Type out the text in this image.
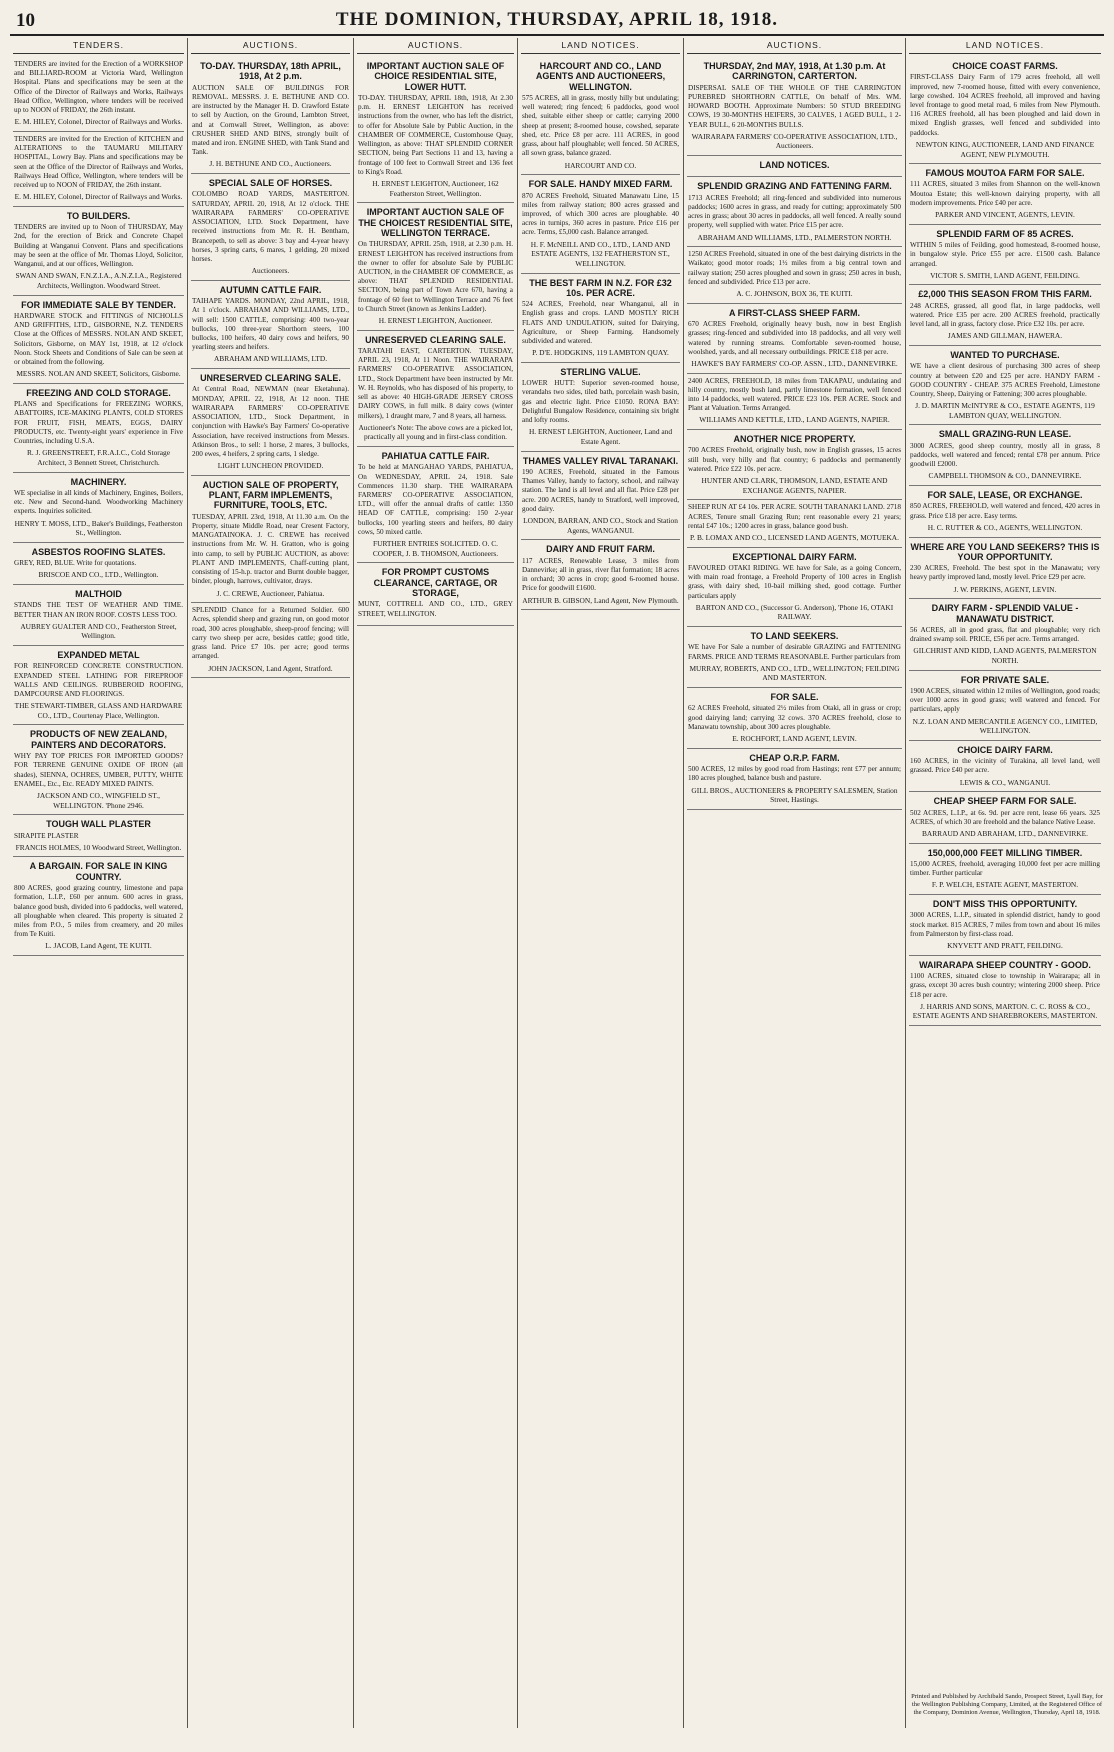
10	THE DOMINION, THURSDAY, APRIL 18, 1918.
TENDERS.

TENDERS are invited for the Erection of a WORKSHOP and BILLIARD-ROOM at Victoria Ward, Wellington Hospital. Plans and specifications may be seen at the Office of the Director of Railways and Works, Railways Head Office, Wellington, where tenders will be received up to NOON of FRIDAY, the 26th instant.

E. M. HILEY, Colonel, Director of Railways and Works.

TENDERS are invited for the Erection of KITCHEN and ALTERATIONS to the TAUMARU MILITARY HOSPITAL, Lowry Bay. Plans and specifications may be seen at the Office of the Director of Railways and Works, Railways Head Office, Wellington, where tenders will be received up to NOON of FRIDAY, the 26th instant.

E. M. HILEY, Colonel, Director of Railways and Works.
TO BUILDERS.

TENDERS are invited up to Noon of THURSDAY, May 2nd, for the erection of Brick and Concrete Chapel Building at Wanganui Convent. Plans and specifications may be seen at the office of Mr. Thomas Lloyd, Solicitor, Wanganui, and at our offices, Wellington.

SWAN AND SWAN, F.N.Z.I.A., A.N.Z.I.A., Registered Architects, Wellington. Woodward Street.
FOR IMMEDIATE SALE BY TENDER.

HARDWARE STOCK and FITTINGS of NICHOLLS AND GRIFFITHS, LTD., GISBORNE, N.Z. TENDERS Close at the Offices of MESSRS. NOLAN AND SKEET, Solicitors, Gisborne, on MAY 1st, 1918, at 12 o'clock Noon. Stock Sheets and Conditions of Sale can be seen at or obtained from the following.

MESSRS. NOLAN AND SKEET, Solicitors, Gisborne.
FREEZING AND COLD STORAGE.

PLANS and Specifications for FREEZING WORKS, ABATTOIRS, ICE-MAKING PLANTS, COLD STORES FOR FRUIT, FISH, MEATS, EGGS, DAIRY PRODUCTS, etc. Twenty-eight years' experience in Five Countries, including U.S.A.

R. J. GREENSTREET, F.R.A.I.C., Cold Storage Architect, 3 Bennett Street, Christchurch.
MACHINERY.

WE specialise in all kinds of Machinery, Engines, Boilers, etc. New and Second-hand. Woodworking Machinery experts. Inquiries solicited.

HENRY T. MOSS, LTD., Baker's Buildings, Featherston St., Wellington.
ASBESTOS ROOFING SLATES.

GREY, RED, BLUE. Write for quotations.

BRISCOE AND CO., LTD., Wellington.
MALTHOID

STANDS THE TEST OF WEATHER AND TIME. BETTER THAN AN IRON ROOF. COSTS LESS TOO.

AUBREY GUALTER AND CO., Featherston Street, Wellington.
EXPANDED METAL

FOR REINFORCED CONCRETE CONSTRUCTION. EXPANDED STEEL LATHING FOR FIREPROOF WALLS AND CEILINGS. RUBBEROID ROOFING, DAMPCOURSE AND FLOORINGS.

THE STEWART-TIMBER, GLASS AND HARDWARE CO., LTD., Courtenay Place, Wellington.
PRODUCTS OF NEW ZEALAND, PAINTERS AND DECORATORS.

WHY PAY TOP PRICES FOR IMPORTED GOODS? FOR TERRENE GENUINE OXIDE OF IRON (all shades), SIENNA, OCHRES, UMBER, PUTTY, WHITE ENAMEL, Etc., Etc. READY MIXED PAINTS.

JACKSON AND CO., WINGFIELD ST., WELLINGTON. 'Phone 2946.
TOUGH WALL PLASTER

SIRAPITE PLASTER

FRANCIS HOLMES, 10 Woodward Street, Wellington.
A BARGAIN. FOR SALE IN KING COUNTRY.

800 ACRES, good grazing country, limestone and papa formation, L.I.P., £60 per annum. 600 acres in grass, balance good bush, divided into 6 paddocks, well watered, all ploughable when cleared. This property is situated 2 miles from P.O., 5 miles from creamery, and 20 miles from Te Kuiti.

L. JACOB, Land Agent, TE KUITI.
AUCTIONS.
TO-DAY. THURSDAY, 18th APRIL, 1918, At 2 p.m.

AUCTION SALE OF BUILDINGS FOR REMOVAL. MESSRS. J. E. BETHUNE AND CO. are instructed by the Manager H. D. Crawford Estate to sell by Auction, on the Ground, Lambton Street, and at Cornwall Street, Wellington, as above: CRUSHER SHED AND BINS, strongly built of mated and iron. ENGINE SHED, with Tank Stand and Tank.

J. H. BETHUNE AND CO., Auctioneers.
SPECIAL SALE OF HORSES.

COLOMBO ROAD YARDS, MASTERTON. SATURDAY, APRIL 20, 1918, At 12 o'clock. THE WAIRARAPA FARMERS' CO-OPERATIVE ASSOCIATION, LTD. Stock Department, have received instructions from Mr. R. H. Bentham, Brancepeth, to sell as above: 3 bay and 4-year heavy horses, 3 spring carts, 6 mares, 1 gelding, 20 mixed horses.

Auctioneers.
AUTUMN CATTLE FAIR.

TAIHAPE YARDS. MONDAY, 22nd APRIL, 1918, At 1 o'clock. ABRAHAM AND WILLIAMS, LTD., will sell: 1500 CATTLE, comprising: 400 two-year bullocks, 100 three-year Shorthorn steers, 100 bullocks, 100 heifers, 40 dairy cows and heifers, 90 yearling steers and heifers.

ABRAHAM AND WILLIAMS, LTD.
UNRESERVED CLEARING SALE.

At Central Road, NEWMAN (near Eketahuna). MONDAY, APRIL 22, 1918, At 12 noon. THE WAIRARAPA FARMERS' CO-OPERATIVE ASSOCIATION, LTD., Stock Department, in conjunction with Hawke's Bay Farmers' Co-operative Association, have received instructions from Messrs. Atkinson Bros., to sell: 1 horse, 2 mares, 3 bullocks, 200 ewes, 4 heifers, 2 spring carts, 1 sledge.

LIGHT LUNCHEON PROVIDED.
AUCTION SALE OF PROPERTY, PLANT, FARM IMPLEMENTS, FURNITURE, TOOLS, ETC.

TUESDAY, APRIL 23rd, 1918, At 11.30 a.m. On the Property, situate Middle Road, near Cresent Factory, MANGATAINOKA. J. C. CREWE has received instructions from Mr. W. H. Gratton, who is going into camp, to sell by PUBLIC AUCTION, as above: PLANT AND IMPLEMENTS, Chaff-cutting plant, consisting of 15-h.p. tractor and Burnt double bagger, binder, plough, harrows, cultivator, drays.

J. C. CREWE, Auctioneer, Pahiatua.

SPLENDID Chance for a Returned Soldier. 600 Acres, splendid sheep and grazing run, on good motor road, 300 acres ploughable, sheep-proof fencing; will carry two sheep per acre, besides cattle; good title, grass land. Price £7 10s. per acre; good terms arranged.

JOHN JACKSON, Land Agent, Stratford.
AUCTIONS.
IMPORTANT AUCTION SALE OF CHOICE RESIDENTIAL SITE, LOWER HUTT.

TO-DAY. THURSDAY, APRIL 18th, 1918, At 2.30 p.m. H. ERNEST LEIGHTON has received instructions from the owner, who has left the district, to offer for Absolute Sale by Public Auction, in the CHAMBER OF COMMERCE, Customhouse Quay, Wellington, as above: THAT SPLENDID CORNER SECTION, being Part Sections 11 and 13, having a frontage of 100 feet to Cornwall Street and 136 feet to King's Road.

H. ERNEST LEIGHTON, Auctioneer, 162 Featherston Street, Wellington.
IMPORTANT AUCTION SALE OF THE CHOICEST RESIDENTIAL SITE, WELLINGTON TERRACE.

On THURSDAY, APRIL 25th, 1918, at 2.30 p.m. H. ERNEST LEIGHTON has received instructions from the owner to offer for absolute Sale by PUBLIC AUCTION, in the CHAMBER OF COMMERCE, as above: THAT SPLENDID RESIDENTIAL SECTION, being part of Town Acre 670, having a frontage of 60 feet to Wellington Terrace and 76 feet to Church Street (known as Jenkins Ladder).

H. ERNEST LEIGHTON, Auctioneer.
UNRESERVED CLEARING SALE.

TARATAHI EAST, CARTERTON. TUESDAY, APRIL 23, 1918, At 11 Noon. THE WAIRARAPA FARMERS' CO-OPERATIVE ASSOCIATION, LTD., Stock Department have been instructed by Mr. W. H. Reynolds, who has disposed of his property, to sell as above: 40 HIGH-GRADE JERSEY CROSS DAIRY COWS, in full milk. 8 dairy cows (winter milkers), 1 draught mare, 7 and 8 years, all harness.

Auctioneer's Note: The above cows are a picked lot, practically all young and in first-class condition.
PAHIATUA CATTLE FAIR.

To be held at MANGAHAO YARDS, PAHIATUA, On WEDNESDAY, APRIL 24, 1918. Sale Commences 11.30 sharp. THE WAIRARAPA FARMERS' CO-OPERATIVE ASSOCIATION, LTD., will offer the annual drafts of cattle: 1350 HEAD OF CATTLE, comprising: 150 2-year bullocks, 100 yearling steers and heifers, 80 dairy cows, 50 mixed cattle.

FURTHER ENTRIES SOLICITED. O. C. COOPER, J. B. THOMSON, Auctioneers.
FOR PROMPT CUSTOMS CLEARANCE, CARTAGE, OR STORAGE,

MUNT, COTTRELL AND CO., LTD., GREY STREET, WELLINGTON.

LAND NOTICES.
HARCOURT AND CO., LAND AGENTS AND AUCTIONEERS, WELLINGTON.

575 ACRES, all in grass, mostly hilly but undulating; well watered; ring fenced; 6 paddocks, good wool shed, suitable either sheep or cattle; carrying 2000 sheep at present; 8-roomed house, cowshed, separate shed, etc. Price £8 per acre. 111 ACRES, in good grass, about half ploughable; well fenced. 50 ACRES, all sown grass, balance grazed.

HARCOURT AND CO.
FOR SALE. HANDY MIXED FARM.

870 ACRES Freehold, Situated Manawatu Line, 15 miles from railway station; 800 acres grassed and improved, of which 300 acres are ploughable. 40 acres in turnips, 360 acres in pasture. Price £16 per acre. Terms, £5,000 cash. Balance arranged.

H. F. McNEILL AND CO., LTD., LAND AND ESTATE AGENTS, 132 FEATHERSTON ST., WELLINGTON.
THE BEST FARM IN N.Z. FOR £32 10s. PER ACRE.

524 ACRES, Freehold, near Whanganui, all in English grass and crops. LAND MOSTLY RICH FLATS AND UNDULATION, suited for Dairying, Agriculture, or Sheep Farming. Handsomely subdivided and watered.

P. D'E. HODGKINS, 119 LAMBTON QUAY.
STERLING VALUE.

LOWER HUTT: Superior seven-roomed house, verandahs two sides, tiled bath, porcelain wash basin, gas and electric light. Price £1050. RONA BAY: Delightful Bungalow Residence, containing six bright and lofty rooms.

H. ERNEST LEIGHTON, Auctioneer, Land and Estate Agent.
THAMES VALLEY RIVAL TARANAKI.

190 ACRES, Freehold, situated in the Famous Thames Valley, handy to factory, school, and railway station. The land is all level and all flat. Price £28 per acre. 200 ACRES, handy to Stratford, well improved, good dairy.

LONDON, BARRAN, AND CO., Stock and Station Agents, WANGANUI.
DAIRY AND FRUIT FARM.

117 ACRES, Renewable Lease, 3 miles from Dannevirke; all in grass, river flat formation; 18 acres in orchard; 30 acres in crop; good 6-roomed house. Price for goodwill £1600.

ARTHUR B. GIBSON, Land Agent, New Plymouth.
AUCTIONS.
THURSDAY, 2nd MAY, 1918, At 1.30 p.m. At CARRINGTON, CARTERTON.

DISPERSAL SALE OF THE WHOLE OF THE CARRINGTON PUREBRED SHORTHORN CATTLE, On behalf of Mrs. WM. HOWARD BOOTH. Approximate Numbers: 50 STUD BREEDING COWS, 19 30-MONTHS HEIFERS, 30 CALVES, 1 AGED BULL, 1 2-YEAR BULL, 6 20-MONTHS BULLS.

WAIRARAPA FARMERS' CO-OPERATIVE ASSOCIATION, LTD., Auctioneers.
LAND NOTICES.
SPLENDID GRAZING AND FATTENING FARM.

1713 ACRES Freehold; all ring-fenced and subdivided into numerous paddocks; 1600 acres in grass, and ready for cutting; approximately 500 acres in grass; about 30 acres in paddocks, all well fenced. A really sound property, well supplied with water. Price £15 per acre.

ABRAHAM AND WILLIAMS, LTD., PALMERSTON NORTH.

1250 ACRES Freehold, situated in one of the best dairying districts in the Waikato; good motor roads; 1½ miles from a big central town and railway station; 250 acres ploughed and sown in grass; 250 acres in bush, fenced and subdivided. Price £13 per acre.

A. C. JOHNSON, BOX 36, TE KUITI.
A FIRST-CLASS SHEEP FARM.

670 ACRES Freehold, originally heavy bush, now in best English grasses; ring-fenced and subdivided into 18 paddocks, and all very well watered by running streams. Comfortable seven-roomed house, woolshed, yards, and all necessary outbuildings. PRICE £18 per acre.

HAWKE'S BAY FARMERS' CO-OP. ASSN., LTD., DANNEVIRKE.

2400 ACRES, FREEHOLD, 18 miles from TAKAPAU, undulating and hilly country, mostly bush land, partly limestone formation, well fenced into 14 paddocks, well watered. PRICE £23 10s. PER ACRE. Stock and Plant at Valuation. Terms Arranged.

WILLIAMS AND KETTLE, LTD., LAND AGENTS, NAPIER.
ANOTHER NICE PROPERTY.

700 ACRES Freehold, originally bush, now in English grasses, 15 acres still bush, very hilly and flat country; 6 paddocks and permanently watered. Price £22 10s. per acre.

HUNTER AND CLARK, THOMSON, LAND, ESTATE AND EXCHANGE AGENTS, NAPIER.

SHEEP RUN AT £4 10s. PER ACRE. SOUTH TARANAKI LAND. 2718 ACRES, Tenure small Grazing Run; rent reasonable every 21 years; rental £47 10s.; 1200 acres in grass, balance good bush.

P. B. LOMAX AND CO., LICENSED LAND AGENTS, MOTUEKA.
EXCEPTIONAL DAIRY FARM.

FAVOURED OTAKI RIDING. WE have for Sale, as a going Concern, with main road frontage, a Freehold Property of 100 acres in English grass, with dairy shed, 10-bail milking shed, good cottage. Further particulars apply

BARTON AND CO., (Successor G. Anderson), 'Phone 16, OTAKI RAILWAY.
TO LAND SEEKERS.

WE have For Sale a number of desirable GRAZING and FATTENING FARMS. PRICE AND TERMS REASONABLE. Further particulars from

MURRAY, ROBERTS, AND CO., LTD., WELLINGTON; FEILDING AND MASTERTON.
FOR SALE.

62 ACRES Freehold, situated 2½ miles from Otaki, all in grass or crop; good dairying land; carrying 32 cows. 370 ACRES freehold, close to Manawatu township, about 300 acres ploughable.

E. ROCHFORT, LAND AGENT, LEVIN.
CHEAP O.R.P. FARM.

500 ACRES, 12 miles by good road from Hastings; rent £77 per annum; 180 acres ploughed, balance bush and pasture.

GILL BROS., AUCTIONEERS & PROPERTY SALESMEN, Station Street, Hastings.
LAND NOTICES.
CHOICE COAST FARMS.

FIRST-CLASS Dairy Farm of 179 acres freehold, all well improved, new 7-roomed house, fitted with every convenience, large cowshed. 104 ACRES freehold, all improved and having level frontage to good metal road, 6 miles from New Plymouth. 116 ACRES freehold, all has been ploughed and laid down in mixed English grasses, well fenced and subdivided into paddocks.

NEWTON KING, AUCTIONEER, LAND AND FINANCE AGENT, NEW PLYMOUTH.
FAMOUS MOUTOA FARM FOR SALE.

111 ACRES, situated 3 miles from Shannon on the well-known Moutoa Estate; this well-known dairying property, with all modern improvements. Price £40 per acre.

PARKER AND VINCENT, AGENTS, LEVIN.
SPLENDID FARM OF 85 ACRES.

WITHIN 5 miles of Feilding, good homestead, 8-roomed house, in bungalow style. Price £55 per acre. £1500 cash. Balance arranged.

VICTOR S. SMITH, LAND AGENT, FEILDING.
£2,000 THIS SEASON FROM THIS FARM.

248 ACRES, grassed, all good flat, in large paddocks, well watered. Price £35 per acre. 200 ACRES freehold, practically level land, all in grass, factory close. Price £32 10s. per acre.

JAMES AND GILLMAN, HAWERA.
WANTED TO PURCHASE.

WE have a client desirous of purchasing 300 acres of sheep country at between £20 and £25 per acre. HANDY FARM - GOOD COUNTRY - CHEAP. 375 ACRES Freehold, Limestone Country, Sheep, Dairying or Fattening; 300 acres ploughable.

J. D. MARTIN McINTYRE & CO., ESTATE AGENTS, 119 LAMBTON QUAY, WELLINGTON.
SMALL GRAZING-RUN LEASE.

3000 ACRES, good sheep country, mostly all in grass, 8 paddocks, well watered and fenced; rental £78 per annum. Price goodwill £2000.

CAMPBELL THOMSON & CO., DANNEVIRKE.
FOR SALE, LEASE, OR EXCHANGE.

850 ACRES, FREEHOLD, well watered and fenced, 420 acres in grass. Price £18 per acre. Easy terms.

H. C. RUTTER & CO., AGENTS, WELLINGTON.
WHERE ARE YOU LAND SEEKERS? THIS IS YOUR OPPORTUNITY.

230 ACRES, Freehold. The best spot in the Manawatu; very heavy partly improved land, mostly level. Price £29 per acre.

J. W. PERKINS, AGENT, LEVIN.
DAIRY FARM - SPLENDID VALUE - MANAWATU DISTRICT.

56 ACRES, all in good grass, flat and ploughable; very rich drained swamp soil. PRICE, £56 per acre. Terms arranged.

GILCHRIST AND KIDD, LAND AGENTS, PALMERSTON NORTH.
FOR PRIVATE SALE.

1900 ACRES, situated within 12 miles of Wellington, good roads; over 1000 acres in good grass; well watered and fenced. For particulars, apply

N.Z. LOAN AND MERCANTILE AGENCY CO., LIMITED, WELLINGTON.
CHOICE DAIRY FARM.

160 ACRES, in the vicinity of Turakina, all level land, well grassed. Price £40 per acre.

LEWIS & CO., WANGANUI.
CHEAP SHEEP FARM FOR SALE.

502 ACRES, L.I.P., at 6s. 9d. per acre rent, lease 66 years. 325 ACRES, of which 30 are freehold and the balance Native Lease.

BARRAUD AND ABRAHAM, LTD., DANNEVIRKE.
150,000,000 FEET MILLING TIMBER.

15,000 ACRES, freehold, averaging 10,000 feet per acre milling timber. Further particular

F. P. WELCH, ESTATE AGENT, MASTERTON.
DON'T MISS THIS OPPORTUNITY.

3000 ACRES, L.I.P., situated in splendid district, handy to good stock market. 815 ACRES, 7 miles from town and about 16 miles from Palmerston by first-class road.

KNYVETT AND PRATT, FEILDING.
WAIRARAPA SHEEP COUNTRY - GOOD.

1100 ACRES, situated close to township in Wairarapa; all in grass, except 30 acres bush country; wintering 2000 sheep. Price £18 per acre.

J. HARRIS AND SONS, MARTON. C. C. ROSS & CO., ESTATE AGENTS AND SHAREBROKERS, MASTERTON.
Printed and Published by Archibald Sando, Prospect Street, Lyall Bay, for the Wellington Publishing Company, Limited, at the Registered Office of the Company, Dominion Avenue, Wellington, Thursday, April 18, 1918.
